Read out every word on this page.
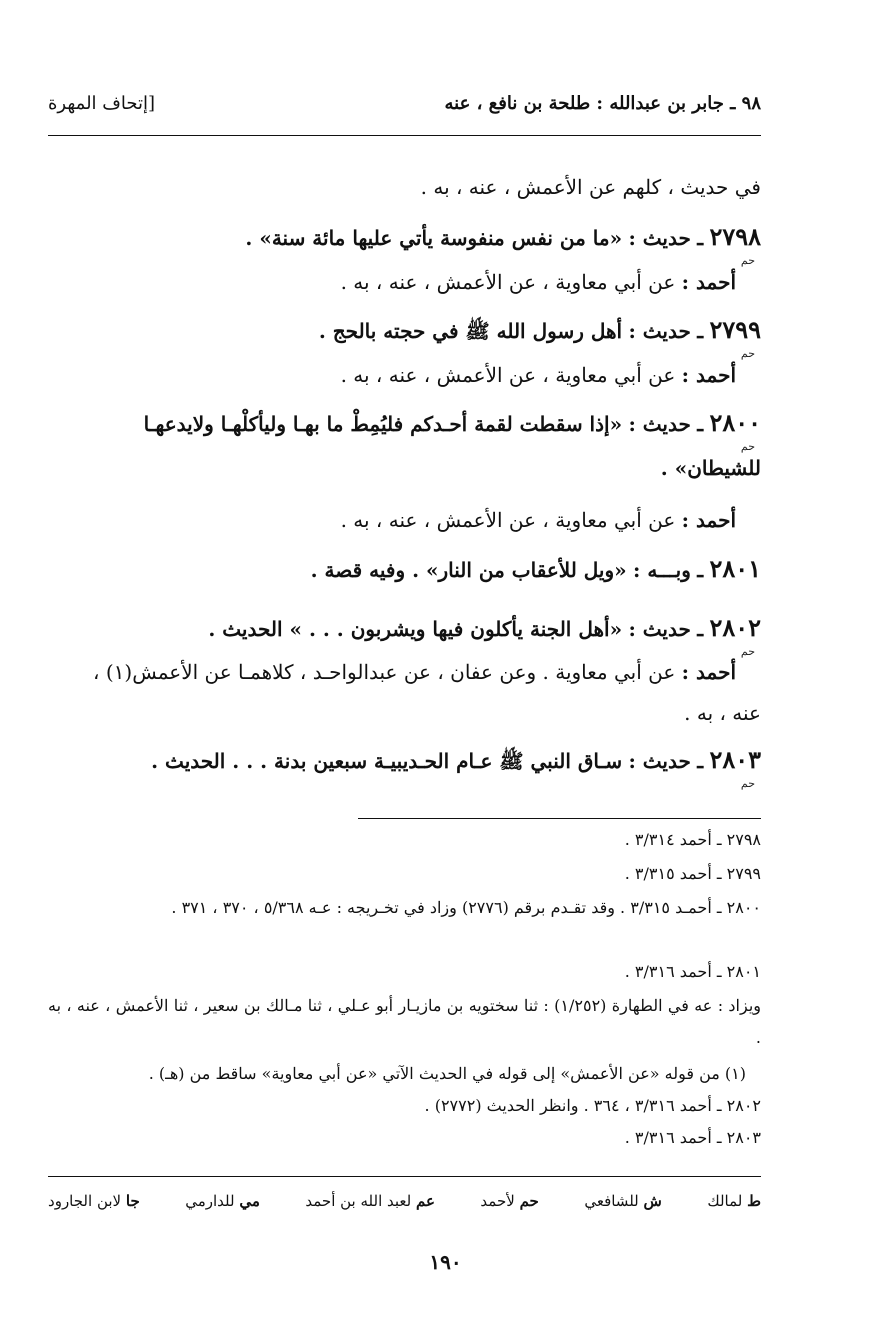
[إتحاف المهرة	٩٨ ـ جابر بن عبدالله : طلحة بن نافع ، عنه
في حديث ، كلهم عن الأعمش ، عنه ، به .
٢٧٩٨ ـ حديث : «ما من نفس منفوسة يأتي عليها مائة سنة» .
حم
أحمد : عن أبي معاوية ، عن الأعمش ، عنه ، به .
٢٧٩٩ ـ حديث : أهل رسول الله ﷺ في حجته بالحج .
حم
أحمد : عن أبي معاوية ، عن الأعمش ، عنه ، به .
٢٨٠٠ ـ حديث : «إذا سقطت لقمة أحـدكم فليُمِطْ ما بهـا وليأكلْهـا ولايدعهـا
حم
للشيطان» .
أحمد : عن أبي معاوية ، عن الأعمش ، عنه ، به .
٢٨٠١ ـ وبـــه : «ويل للأعقاب من النار» . وفيه قصة .
٢٨٠٢ ـ حديث : «أهل الجنة يأكلون فيها ويشربون . . . » الحديث .
حم
أحمد : عن أبي معاوية . وعن عفان ، عن عبدالواحـد ، كلاهمـا عن الأعمش(١) ،
عنه ، به .
٢٨٠٣ ـ حديث : سـاق النبي ﷺ عـام الحـديبيـة سبعين بدنة . . . الحديث .
حم
٢٧٩٨ ـ أحمد ٣/٣١٤ .
٢٧٩٩ ـ أحمد ٣/٣١٥ .
٢٨٠٠ ـ أحمـد ٣/٣١٥ . وقد تقـدم برقم (٢٧٧٦) وزاد في تخـريجه : عـه ٥/٣٦٨ ، ٣٧٠ ، ٣٧١ .
٢٨٠١ ـ أحمد ٣/٣١٦ .
ويزاد : عه في الطهارة (١/٢٥٢) : ثنا سختويه بن مازيـار أبو عـلي ، ثنا مـالك بن سعير ، ثنا الأعمش ، عنه ، به .
(١) من قوله «عن الأعمش» إلى قوله في الحديث الآتي «عن أبي معاوية» ساقط من (هـ) .
٢٨٠٢ ـ أحمد ٣/٣١٦ ، ٣٦٤ . وانظر الحديث (٢٧٧٢) .
٢٨٠٣ ـ أحمد ٣/٣١٦ .
ط لمالك
ش للشافعي
حم لأحمد
عم لعبد الله بن أحمد
مي للدارمي
جا لابن الجارود
١٩٠
